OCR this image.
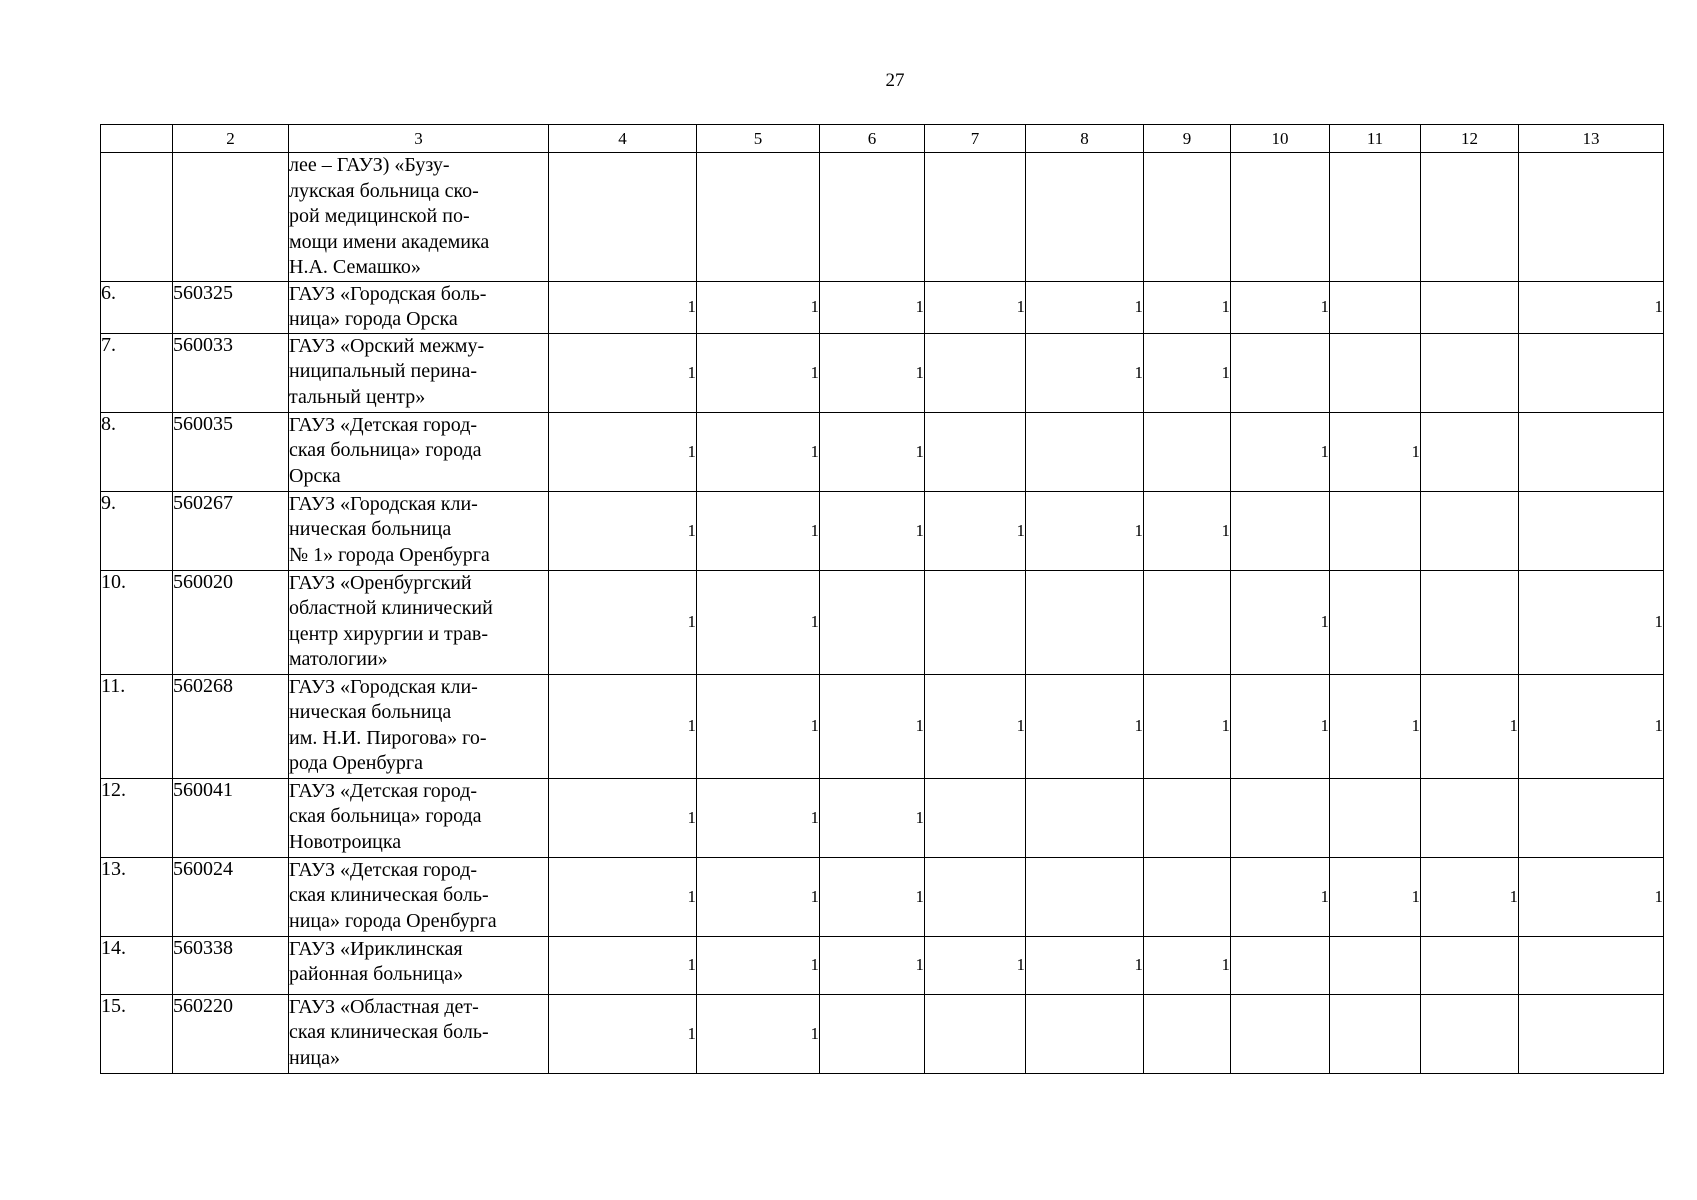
27
	2	3	4	5	6	7	8	9	10	11	12	13
		лее – ГАУЗ) «Бузу-
лукская больница ско-
рой медицинской по-
мощи имени академика
Н.А. Семашко»										
6.	560325	ГАУЗ «Городская боль-
ница» города Орска	1	1	1	1	1	1	1			1
7.	560033	ГАУЗ «Орский межму-
ниципальный перина-
тальный центр»	1	1	1		1	1				
8.	560035	ГАУЗ «Детская город-
ская больница» города
Орска	1	1	1				1	1		
9.	560267	ГАУЗ «Городская кли-
ническая больница
№ 1» города Оренбурга	1	1	1	1	1	1				
10.	560020	ГАУЗ «Оренбургский
областной клинический
центр хирургии и трав-
матологии»	1	1					1			1
11.	560268	ГАУЗ «Городская кли-
ническая больница
им. Н.И. Пирогова» го-
рода Оренбурга	1	1	1	1	1	1	1	1	1	1
12.	560041	ГАУЗ «Детская город-
ская больница» города
Новотроицка	1	1	1							
13.	560024	ГАУЗ «Детская город-
ская клиническая боль-
ница» города Оренбурга	1	1	1				1	1	1	1
14.	560338	ГАУЗ «Ириклинская
районная больница»	1	1	1	1	1	1				
15.	560220	ГАУЗ «Областная дет-
ская клиническая боль-
ница»	1	1								
